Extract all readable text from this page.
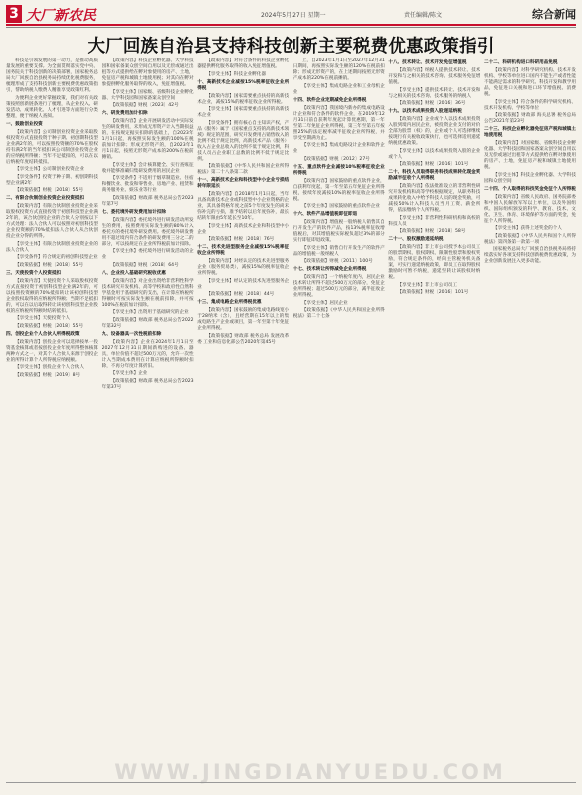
3 大厂新农民	2024年5月27日 星期一	责任编辑/陈文	综合新闻
大厂回族自治县支持科技创新主要税费优惠政策指引

科技是引领发展的第一动力，是推动高质量发展的重要支撑。为全面贯彻落实党中央、国务院关于科技创新的决策部署，国家税务总局大厂回族自治县税务局持续优化税费服务，梳理形成了支持科技创新主要税费优惠政策指引，帮助纳税人缴费人精准享受政策红利。

为便利企业更好掌握政策，我们对有关政策按照创新链条进行了梳理，从企业投入、研发活动、成果转化、人才引进等方面进行分类整理，便于纳税人查阅。

一、鼓励创业投资

【政策内容】公司制创业投资企业采取股权投资方式直接投资于种子期、初创期科技型企业满2年的，可以按照投资额的70%在股权持有满2年的当年抵扣该公司制创业投资企业的应纳税所得额；当年不足抵扣的，可以在以后纳税年度结转抵扣。

【享受主体】公司制创业投资企业

【享受条件】投资于种子期、初创期科技型企业满2年

【政策依据】财税〔2018〕55号

二、有限合伙制创业投资企业投资抵扣

【政策内容】有限合伙制创业投资企业采取股权投资方式直接投资于初创科技型企业满2年的，该合伙创投企业的合伙人分别按以下方式处理：法人合伙人可以按照对初创科技型企业投资额的70%抵扣法人合伙人从合伙创投企业分得的所得。

【享受主体】有限合伙制创业投资企业的法人合伙人

【享受条件】符合规定的初创科技型企业

【政策依据】财税〔2018〕55号

三、天使投资个人投资抵扣

【政策内容】天使投资个人采取股权投资方式直接投资于初创科技型企业满2年的，可以按照投资额的70%抵扣转让该初创科技型企业股权取得的应纳税所得额；当期不足抵扣的，可以在以后取得转让该初创科技型企业股权的应纳税所得额时结转抵扣。

【享受主体】天使投资个人

【政策依据】财税〔2018〕55号

四、创投企业个人合伙人所得税政策

【政策内容】创投企业可以选择按单一投资基金核算或者按创投企业年度所得整体核算两种方式之一，对其个人合伙人来源于创投企业的所得计算个人所得税应纳税额。

【享受主体】创投企业个人合伙人

【政策依据】财税〔2019〕8号

【政策内容】科技企业孵化器、大学科技园和国家备案众创空间自用以及无偿或通过出租等方式提供给在孵对象使用的房产、土地，免征房产税和城镇土地使用税；对其向在孵对象提供孵化服务取得的收入，免征增值税。

【享受主体】国家级、省级科技企业孵化器、大学科技园和国家备案众创空间

【政策依据】财税〔2023〕42号

六、研发费用加计扣除

【政策内容】企业开展研发活动中实际发生的研发费用，未形成无形资产计入当期损益的，在按规定据实扣除的基础上，自2023年1月1日起，再按照实际发生额的100%在税前加计扣除；形成无形资产的，自2023年1月1日起，按照无形资产成本的200%在税前摊销。

【享受主体】会计核算健全、实行查账征收并能够准确归集研发费用的居民企业

【享受条件】不适用于烟草制造业、住宿和餐饮业、批发和零售业、房地产业、租赁和商务服务业、娱乐业等行业

【政策依据】财政部 税务总局公告2023年第7号

七、委托境外研发费用加计扣除

【政策内容】委托境外进行研发活动所发生的费用，按照费用实际发生额的80%计入委托方的委托境外研发费用。委托境外研发费用不超过境内符合条件的研发费用三分之二的部分，可以按规定在企业所得税前加计扣除。

【享受主体】委托境外进行研发活动的企业

【政策依据】财税〔2018〕64号

八、企业投入基础研究税收优惠

【政策内容】对企业出资给非营利性科学技术研究开发机构、高等学校和政府性自然科学基金用于基础研究的支出，在计算应纳税所得额时可按实际发生额在税前扣除，并可按100%在税前加计扣除。

【享受主体】出资用于基础研究的企业

【政策依据】财政部 税务总局公告2022年第32号

九、设备器具一次性税前扣除

【政策内容】企业在2024年1月1日至2027年12月31日期间新购进的设备、器具，单位价值不超过500万元的，允许一次性计入当期成本费用在计算应纳税所得额时扣除，不再分年度计算折旧。

【享受主体】企业

【政策依据】财政部 税务总局公告2023年第37号

【政策内容】对符合条件的科技企业孵化器提供孵化服务取得的收入免征增值税。

【享受主体】科技企业孵化器

十、高新技术企业减按15%税率征收企业所得税

【政策内容】国家需要重点扶持的高新技术企业，减按15%的税率征收企业所得税。

【享受主体】国家需要重点扶持的高新技术企业

【享受条件】拥有核心自主知识产权，产品（服务）属于《国家重点支持的高新技术领域》规定的范围，研究开发费用占销售收入的比例不低于规定比例，高新技术产品（服务）收入占企业总收入的比例不低于规定比例，科技人员占企业职工总数的比例不低于规定比例。

【政策依据】《中华人民共和国企业所得税法》第二十八条第二款

十一、高新技术企业和科技型中小企业亏损结转年限延长

【政策内容】自2018年1月1日起，当年具备高新技术企业或科技型中小企业资格的企业，其具备资格年度之前5个年度发生的尚未弥补完的亏损，准予结转以后年度弥补，最长结转年限由5年延长至10年。

【享受主体】高新技术企业和科技型中小企业

【政策依据】财税〔2018〕76号

十二、技术先进型服务企业减按15%税率征收企业所得税

【政策内容】对经认定的技术先进型服务企业（服务贸易类），减按15%的税率征收企业所得税。

【享受主体】经认定的技术先进型服务企业

【政策依据】财税〔2018〕44号

十三、集成电路企业所得税优惠

【政策内容】国家鼓励的集成电路线宽小于28纳米（含），且经营期在15年以上的集成电路生产企业或项目，第一年至第十年免征企业所得税。

【政策依据】财政部 税务总局 发展改革委 工业和信息化部公告2020年第45号

上，自2023年1月1日至2027年12月31日期间，再按照实际发生额的120%在税前扣除；形成无形资产的，在上述期间按照无形资产成本的220%在税前摊销。

【享受主体】集成电路企业和工业母机企业

十四、软件企业定期减免企业所得税

【政策内容】我国境内新办的集成电路设计企业和符合条件的软件企业，在2019年12月31日前自获利年度起计算优惠期，第一年至第二年免征企业所得税，第三年至第五年按照25%的法定税率减半征收企业所得税，并享受至期满为止。

【享受主体】集成电路设计企业和软件企业

【政策依据】财税〔2012〕27号

十五、重点软件企业减按10%税率征收企业所得税

【政策内容】国家鼓励的重点软件企业，自获利年度起，第一年至第五年免征企业所得税，接续年度减按10%的税率征收企业所得税。

【享受主体】国家鼓励的重点软件企业

十六、软件产品增值税即征即退

【政策内容】增值税一般纳税人销售其自行开发生产的软件产品，按13%税率征收增值税后，对其增值税实际税负超过3%的部分实行即征即退政策。

【享受主体】销售自行开发生产的软件产品的增值税一般纳税人

【政策依据】财税〔2011〕100号

十七、技术转让所得减免企业所得税

【政策内容】一个纳税年度内，居民企业技术转让所得不超过500万元的部分，免征企业所得税；超过500万元的部分，减半征收企业所得税。

【享受主体】居民企业

【政策依据】《中华人民共和国企业所得税法》第二十七条

十八、技术转让、技术开发免征增值税

【政策内容】纳税人提供技术转让、技术开发和与之相关的技术咨询、技术服务免征增值税。

【享受主体】提供技术转让、技术开发和与之相关的技术咨询、技术服务的纳税人

【政策依据】财税〔2016〕36号

十九、以技术成果投资入股递延纳税

【政策内容】企业或个人以技术成果投资入股到境内居民企业，被投资企业支付的对价全部为股票（权）的，企业或个人可选择继续按现行有关税收政策执行，也可选择适用递延纳税优惠政策。

【享受主体】以技术成果投资入股的企业或个人

【政策依据】财税〔2016〕101号

二十、科技人员取得职务科技成果转化现金奖励减半征收个人所得税

【政策内容】依法批准设立的非营利性研究开发机构和高等学校根据规定，从职务科技成果转化收入中给予科技人员的现金奖励，可减按50%计入科技人员当月工资、薪金所得，依法缴纳个人所得税。

【享受主体】非营利性科研机构和高校的科技人员

【政策依据】财税〔2018〕58号

二十一、股权激励递延纳税

【政策内容】非上市公司授予本公司员工的股票期权、股权期权、限制性股票和股权奖励，符合规定条件的，经向主管税务机关备案，可实行递延纳税政策，即员工在取得股权激励时可暂不纳税，递延至转让该股权时纳税。

【享受主体】非上市公司员工

【政策依据】财税〔2016〕101号

二十二、科研机构进口科研用品免税

【政策内容】对科学研究机构、技术开发机构、学校等单位进口国内不能生产或者性能不能满足需求的科学研究、科技开发和教学用品，免征进口关税和进口环节增值税、消费税。

【享受主体】符合条件的科学研究机构、技术开发机构、学校等单位

【政策依据】财政部 海关总署 税务总局公告2021年第23号

二十三、科技企业孵化器免征房产税和城镇土地使用税

【政策内容】对国家级、省级科技企业孵化器、大学科技园和国家备案众创空间自用以及无偿或通过出租等方式提供给在孵对象使用的房产、土地，免征房产税和城镇土地使用税。

【享受主体】科技企业孵化器、大学科技园和众创空间

二十四、个人取得的科技奖金免征个人所得税

【政策内容】省级人民政府、国务院部委和中国人民解放军军以上单位，以及外国组织、国际组织颁发的科学、教育、技术、文化、卫生、体育、环境保护等方面的奖金，免征个人所得税。

【享受主体】获得上述奖金的个人

【政策依据】《中华人民共和国个人所得税法》第四条第一款第一项

国家税务总局大厂回族自治县税务局将持续落实好各项支持科技创新税费优惠政策，为企业创新发展注入更多动能。

WWW.JINGDIANYUEDU.COM
